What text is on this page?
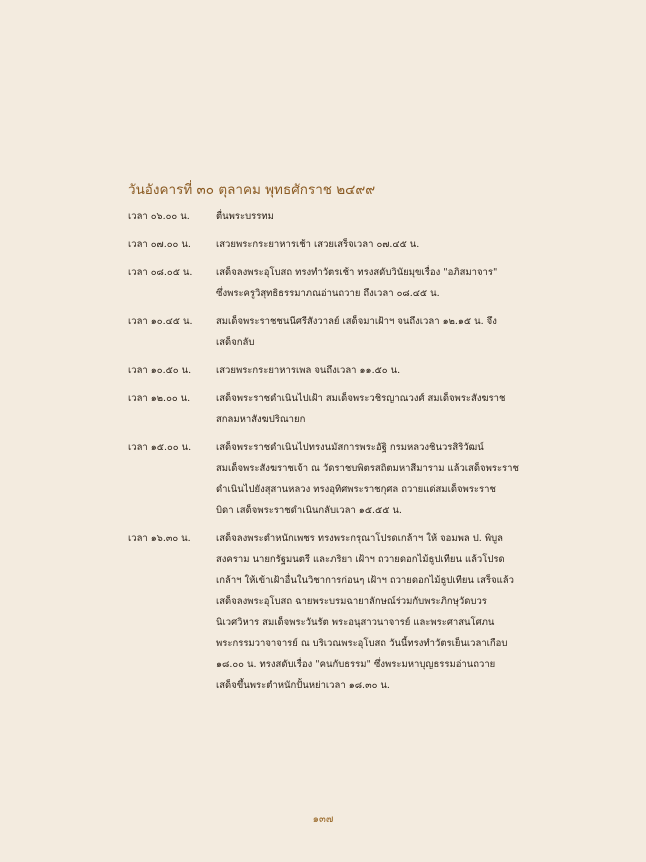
วันอังคารที่ ๓๐ ตุลาคม พุทธศักราช ๒๔๙๙
เวลา ๐๖.๐๐ น.	ตื่นพระบรรทม
เวลา ๐๗.๐๐ น.	เสวยพระกระยาหารเช้า เสวยเสร็จเวลา ๐๗.๔๕ น.
เวลา ๐๘.๐๕ น.	เสด็จลงพระอุโบสถ ทรงทำวัตรเช้า ทรงสดับวินัยมุขเรื่อง "อภิสมาจาร"
ซึ่งพระครูวิสุทธิธรรมาภณอ่านถวาย ถึงเวลา ๐๘.๔๕ น.
เวลา ๑๐.๔๕ น.	สมเด็จพระราชชนนีศรีสังวาลย์ เสด็จมาเฝ้าฯ จนถึงเวลา ๑๒.๑๕ น. จึง
เสด็จกลับ
เวลา ๑๐.๕๐ น.	เสวยพระกระยาหารเพล จนถึงเวลา ๑๑.๕๐ น.
เวลา ๑๒.๐๐ น.	เสด็จพระราชดำเนินไปเฝ้า สมเด็จพระวชิรญาณวงศ์ สมเด็จพระสังฆราช
สกลมหาสังฆปริณายก
เวลา ๑๕.๐๐ น.	เสด็จพระราชดำเนินไปทรงนมัสการพระอัฐิ กรมหลวงชินวรสิริวัฒน์
สมเด็จพระสังฆราชเจ้า ณ วัดราชบพิตรสถิตมหาสีมาราม แล้วเสด็จพระราช
ดำเนินไปยังสุสานหลวง ทรงอุทิศพระราชกุศล ถวายแด่สมเด็จพระราช
บิดา เสด็จพระราชดำเนินกลับเวลา ๑๕.๕๕ น.
เวลา ๑๖.๓๐ น.	เสด็จลงพระตำหนักเพชร ทรงพระกรุณาโปรดเกล้าฯ ให้ จอมพล ป. พิบูล
สงคราม นายกรัฐมนตรี และภริยา เฝ้าฯ ถวายดอกไม้ธูปเทียน แล้วโปรด
เกล้าฯ ให้เข้าเฝ้าอื่นในวิชาการก่อนๆ เฝ้าฯ ถวายดอกไม้ธูปเทียน เสร็จแล้ว
เสด็จลงพระอุโบสถ ฉายพระบรมฉายาลักษณ์ร่วมกับพระภิกษุวัดบวร
นิเวศวิหาร สมเด็จพระวันรัต พระอนุสาวนาจารย์ และพระศาสนโศภน
พระกรรมวาจาจารย์ ณ บริเวณพระอุโบสถ วันนี้ทรงทำวัตรเย็นเวลาเกือบ
๑๘.๐๐ น. ทรงสดับเรื่อง "คนกับธรรม" ซึ่งพระมหาบุญธรรมอ่านถวาย
เสด็จขึ้นพระตำหนักปั้นหย่าเวลา ๑๘.๓๐ น.
๑๓๗
